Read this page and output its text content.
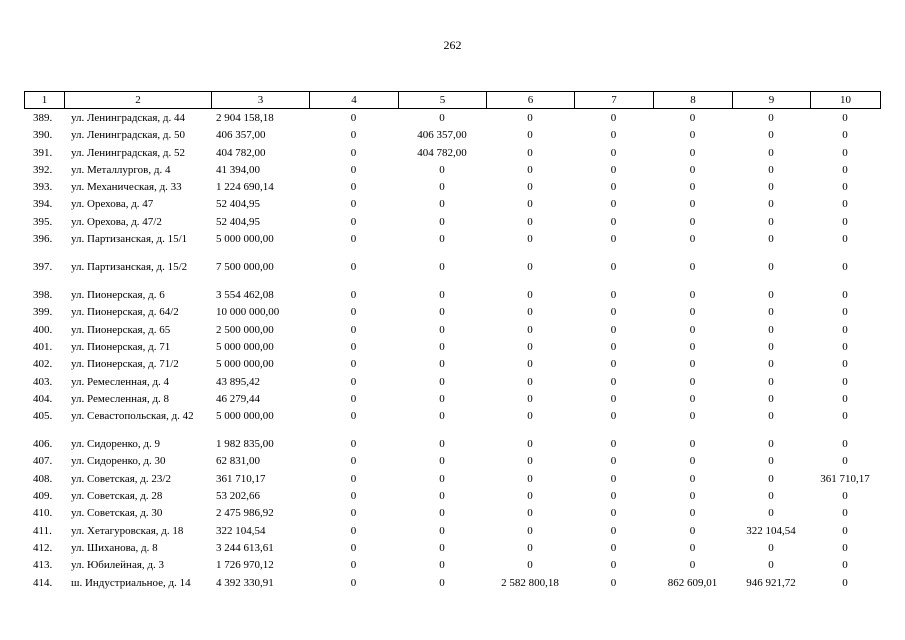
262
1	2	3	4	5	6	7	8	9	10
389.	ул. Ленинградская, д. 44	2 904 158,18	0	0	0	0	0	0	0
390.	ул. Ленинградская, д. 50	406 357,00	0	406 357,00	0	0	0	0	0
391.	ул. Ленинградская, д. 52	404 782,00	0	404 782,00	0	0	0	0	0
392.	ул. Металлургов, д. 4	41 394,00	0	0	0	0	0	0	0
393.	ул. Механическая, д. 33	1 224 690,14	0	0	0	0	0	0	0
394.	ул. Орехова, д. 47	52 404,95	0	0	0	0	0	0	0
395.	ул. Орехова, д. 47/2	52 404,95	0	0	0	0	0	0	0
396.	ул. Партизанская, д. 15/1	5 000 000,00	0	0	0	0	0	0	0
397.	ул. Партизанская, д. 15/2	7 500 000,00	0	0	0	0	0	0	0
398.	ул. Пионерская, д. 6	3 554 462,08	0	0	0	0	0	0	0
399.	ул. Пионерская, д. 64/2	10 000 000,00	0	0	0	0	0	0	0
400.	ул. Пионерская, д. 65	2 500 000,00	0	0	0	0	0	0	0
401.	ул. Пионерская, д. 71	5 000 000,00	0	0	0	0	0	0	0
402.	ул. Пионерская, д. 71/2	5 000 000,00	0	0	0	0	0	0	0
403.	ул. Ремесленная, д. 4	43 895,42	0	0	0	0	0	0	0
404.	ул. Ремесленная, д. 8	46 279,44	0	0	0	0	0	0	0
405.	ул. Севастопольская, д. 42	5 000 000,00	0	0	0	0	0	0	0
406.	ул. Сидоренко, д. 9	1 982 835,00	0	0	0	0	0	0	0
407.	ул. Сидоренко, д. 30	62 831,00	0	0	0	0	0	0	0
408.	ул. Советская, д. 23/2	361 710,17	0	0	0	0	0	0	361 710,17
409.	ул. Советская, д. 28	53 202,66	0	0	0	0	0	0	0
410.	ул. Советская, д. 30	2 475 986,92	0	0	0	0	0	0	0
411.	ул. Хетагуровская, д. 18	322 104,54	0	0	0	0	0	322 104,54	0
412.	ул. Шиханова, д. 8	3 244 613,61	0	0	0	0	0	0	0
413.	ул. Юбилейная, д. 3	1 726 970,12	0	0	0	0	0	0	0
414.	ш. Индустриальное, д. 14	4 392 330,91	0	0	2 582 800,18	0	862 609,01	946 921,72	0
